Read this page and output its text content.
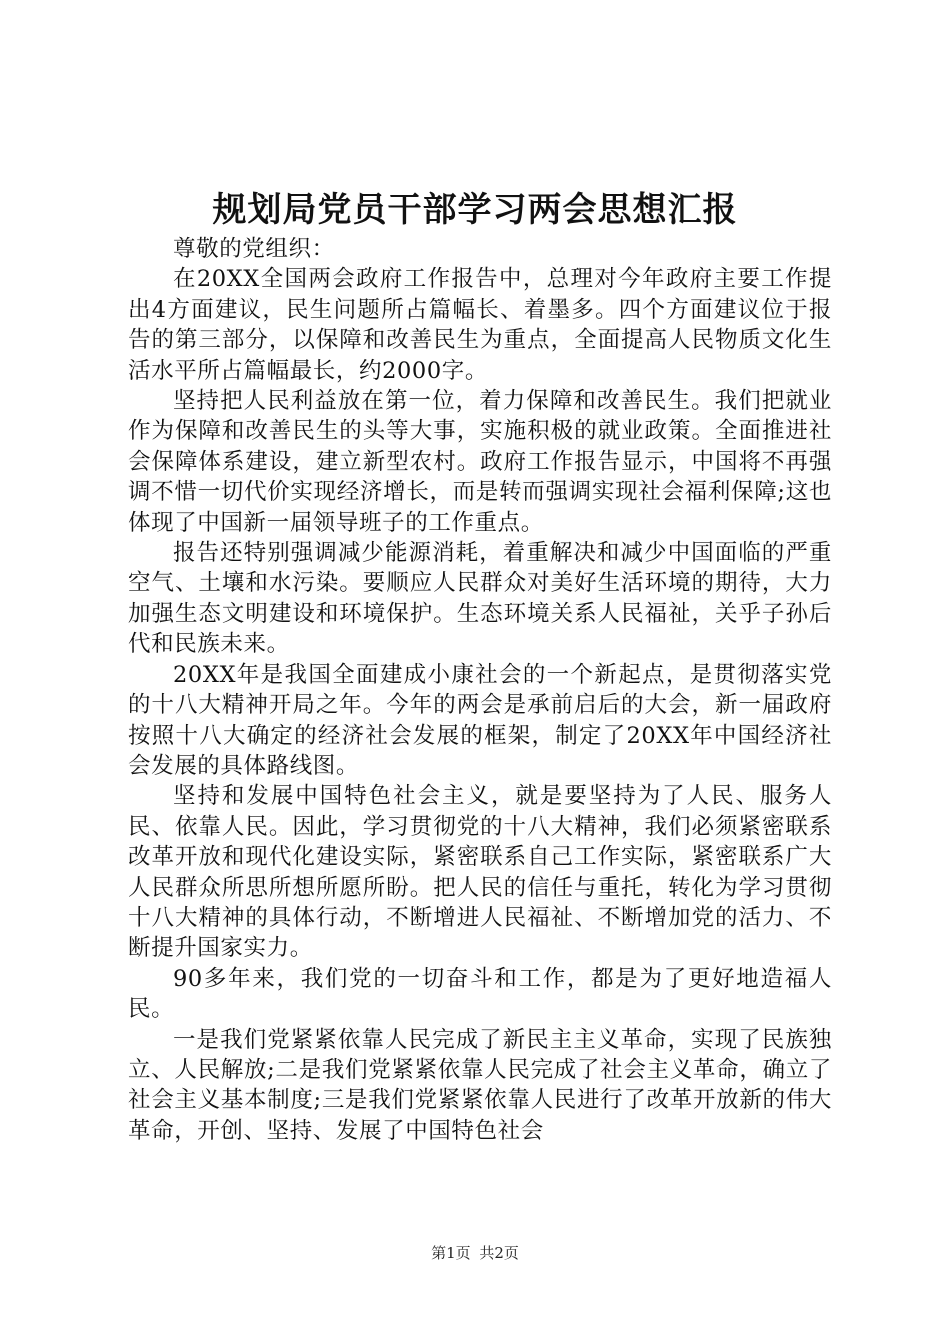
规划局党员干部学习两会思想汇报

尊敬的党组织：

在20XX全国两会政府工作报告中，总理对今年政府主要工作提出4方面建议，民生问题所占篇幅长、着墨多。四个方面建议位于报告的第三部分，以保障和改善民生为重点，全面提高人民物质文化生活水平所占篇幅最长，约2000字。

坚持把人民利益放在第一位，着力保障和改善民生。我们把就业作为保障和改善民生的头等大事，实施积极的就业政策。全面推进社会保障体系建设，建立新型农村。政府工作报告显示，中国将不再强调不惜一切代价实现经济增长，而是转而强调实现社会福利保障;这也体现了中国新一届领导班子的工作重点。

报告还特别强调减少能源消耗，着重解决和减少中国面临的严重空气、土壤和水污染。要顺应人民群众对美好生活环境的期待，大力加强生态文明建设和环境保护。生态环境关系人民福祉，关乎子孙后代和民族未来。

20XX年是我国全面建成小康社会的一个新起点，是贯彻落实党的十八大精神开局之年。今年的两会是承前启后的大会，新一届政府按照十八大确定的经济社会发展的框架，制定了20XX年中国经济社会发展的具体路线图。

坚持和发展中国特色社会主义，就是要坚持为了人民、服务人民、依靠人民。因此，学习贯彻党的十八大精神，我们必须紧密联系改革开放和现代化建设实际，紧密联系自己工作实际，紧密联系广大人民群众所思所想所愿所盼。把人民的信任与重托，转化为学习贯彻十八大精神的具体行动，不断增进人民福祉、不断增加党的活力、不断提升国家实力。

90多年来，我们党的一切奋斗和工作，都是为了更好地造福人民。

一是我们党紧紧依靠人民完成了新民主主义革命，实现了民族独立、人民解放;二是我们党紧紧依靠人民完成了社会主义革命，确立了社会主义基本制度;三是我们党紧紧依靠人民进行了改革开放新的伟大革命，开创、坚持、发展了中国特色社会

第1页 共2页
